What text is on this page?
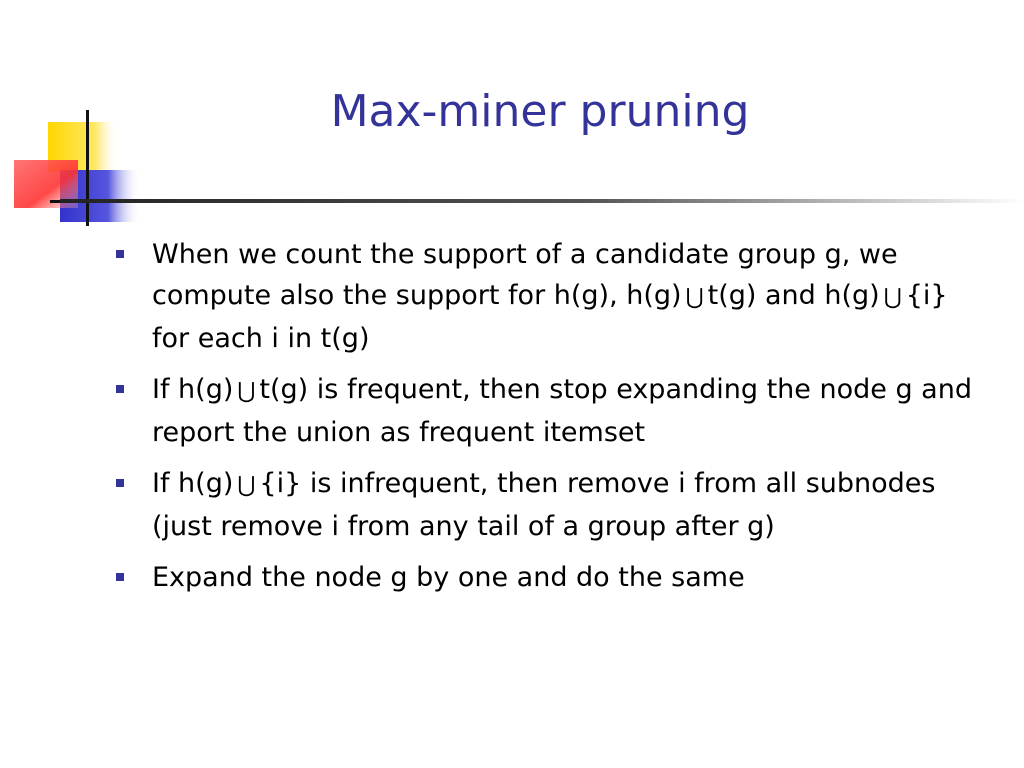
Max-miner pruning
When we count the support of a candidate group g, we compute also the support for h(g), h(g) ⋃ t(g) and h(g) ⋃ {i} for each i in t(g)
If h(g) ⋃ t(g) is frequent, then stop expanding the node g and report the union as frequent itemset
If h(g) ⋃ {i} is infrequent, then remove i from all subnodes (just remove i from any tail of a group after g)
Expand the node g by one and do the same
